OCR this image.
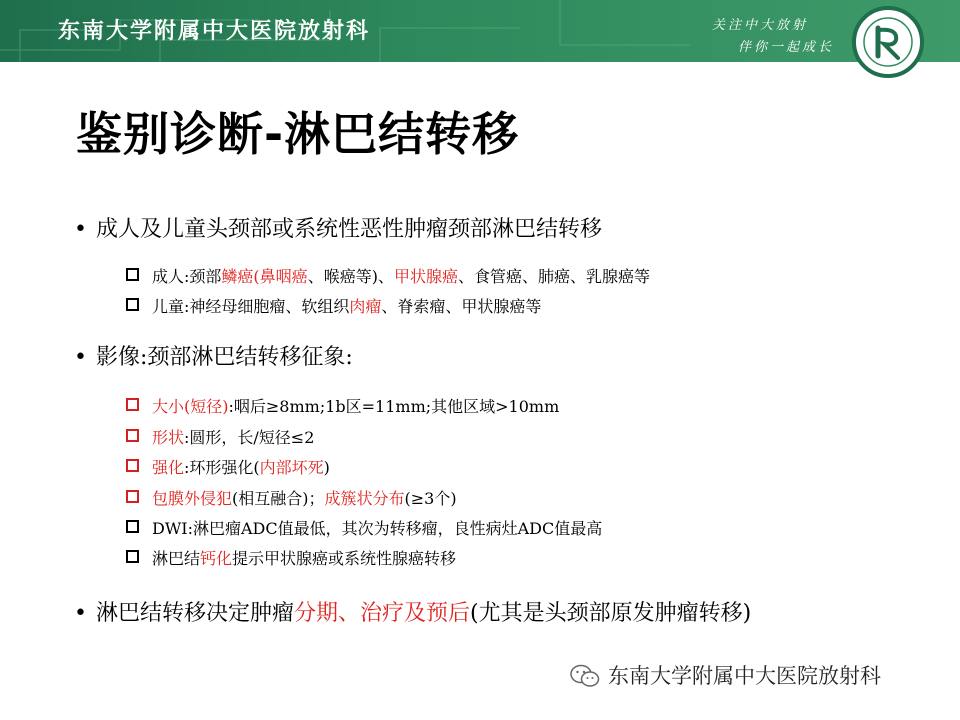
东南大学附属中大医院放射科	关注中大放射
伴你一起成长
鉴别诊断-淋巴结转移
• 成人及儿童头颈部或系统性恶性肿瘤颈部淋巴结转移
成人:颈部鳞癌(鼻咽癌、喉癌等)、甲状腺癌、食管癌、肺癌、乳腺癌等
儿童:神经母细胞瘤、软组织肉瘤、脊索瘤、甲状腺癌等
• 影像:颈部淋巴结转移征象:
大小(短径):咽后≥8mm;1b区=11mm;其他区域>10mm
形状:圆形，长/短径≤2
强化:环形强化(内部坏死)
包膜外侵犯(相互融合)；成簇状分布(≥3个)
DWI:淋巴瘤ADC值最低，其次为转移瘤，良性病灶ADC值最高
淋巴结钙化提示甲状腺癌或系统性腺癌转移
• 淋巴结转移决定肿瘤分期、治疗及预后(尤其是头颈部原发肿瘤转移)
东南大学附属中大医院放射科
